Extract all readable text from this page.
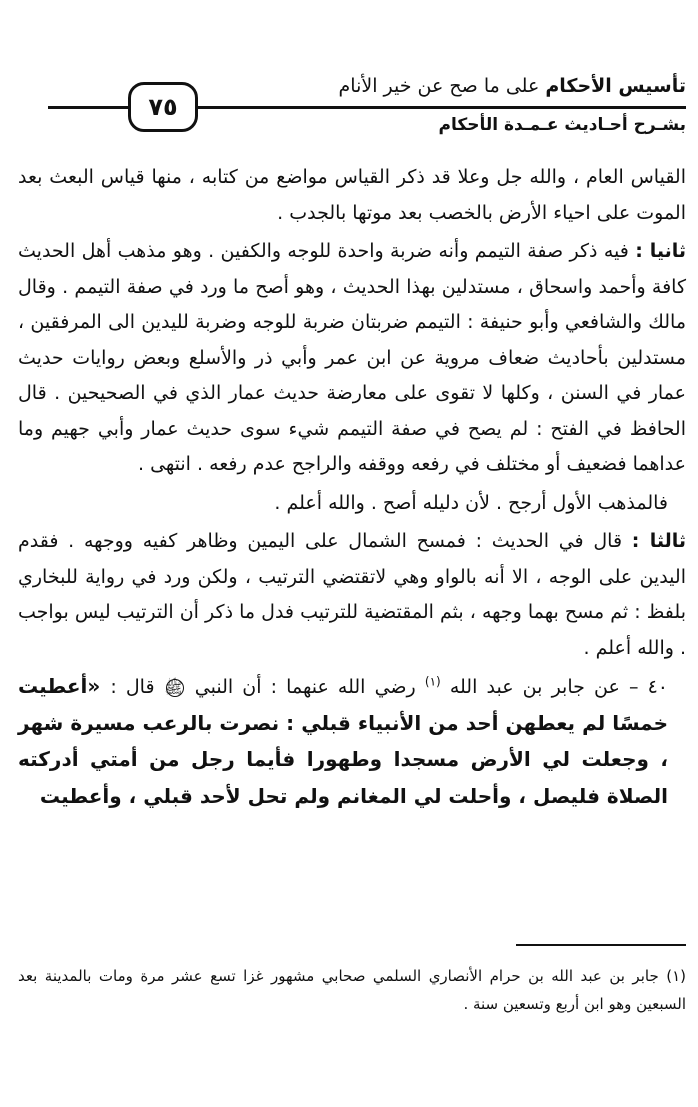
تأسيس الأحكام على ما صح عن خير الأنام
٧٥
بشـرح أحـاديث عـمـدة الأحكام

القياس العام ، والله جل وعلا قد ذكر القياس مواضع من كتابه ، منها قياس البعث بعد الموت على احياء الأرض بالخصب بعد موتها بالجدب .

ثانيا : فيه ذكر صفة التيمم وأنه ضربة واحدة للوجه والكفين . وهو مذهب أهل الحديث كافة وأحمد واسحاق ، مستدلين بهذا الحديث ، وهو أصح ما ورد في صفة التيمم . وقال مالك والشافعي وأبو حنيفة : التيمم ضربتان ضربة للوجه وضربة لليدين الى المرفقين ، مستدلين بأحاديث ضعاف مروية عن ابن عمر وأبي ذر والأسلع وبعض روايات حديث عمار في السنن ، وكلها لا تقوى على معارضة حديث عمار الذي في الصحيحين . قال الحافظ في الفتح : لم يصح في صفة التيمم شيء سوى حديث عمار وأبي جهيم وما عداهما فضعيف أو مختلف في رفعه ووقفه والراجح عدم رفعه . انتهى .

فالمذهب الأول أرجح . لأن دليله أصح . والله أعلم .

ثالثا : قال في الحديث : فمسح الشمال على اليمين وظاهر كفيه ووجهه . فقدم اليدين على الوجه ، الا أنه بالواو وهي لاتقتضي الترتيب ، ولكن ورد في رواية للبخاري بلفظ : ثم مسح بهما وجهه ، بثم المقتضية للترتيب فدل ما ذكر أن الترتيب ليس بواجب . والله أعلم .

٤٠ – عن جابر بن عبد الله $^{(١)}$ رضي الله عنهما : أن النبي ﷺ قال : «أعطيت خمسًا لم يعطهن أحد من الأنبياء قبلي : نصرت بالرعب مسيرة شهر ، وجعلت لي الأرض مسجدا وطهورا فأيما رجل من أمتي أدركته الصلاة فليصل ، وأحلت لي المغانم ولم تحل لأحد قبلي ، وأعطيت

(١) جابر بن عبد الله بن حرام الأنصاري السلمي صحابي مشهور غزا تسع عشر مرة ومات بالمدينة بعد السبعين وهو ابن أربع وتسعين سنة .
